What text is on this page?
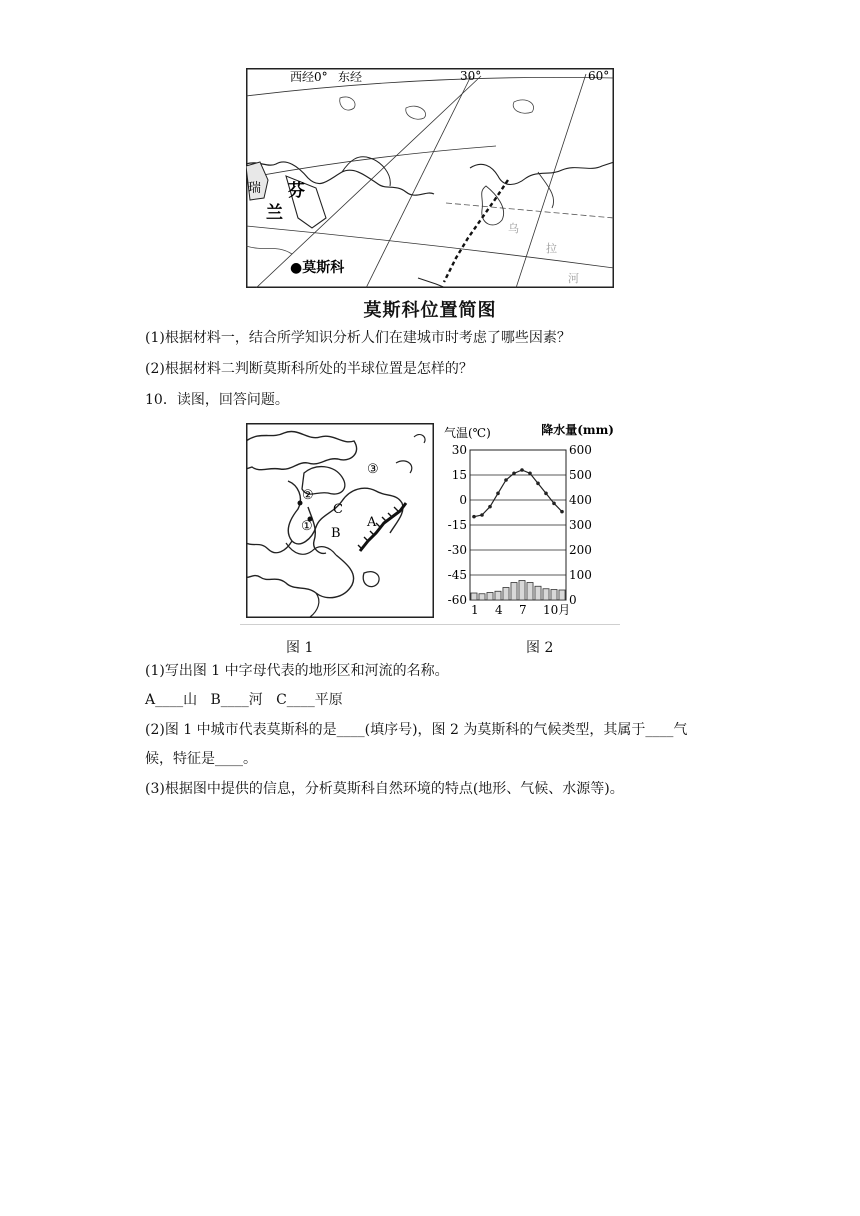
西经0° 东经	30°	60°
瑞 芬
兰
●莫斯科
乌
拉
河
莫斯科位置简图
(1)根据材料一，结合所学知识分析人们在建城市时考虑了哪些因素？
(2)根据材料二判断莫斯科所处的半球位置是怎样的？
10．读图，回答问题。
①
②
③
A
B
C
气温(℃)	降水量(mm)
30
15
0
-15
-30
-45
-60
600
500
400
300
200
100
0
1 4 7 10月
图 1	图 2
(1)写出图 1 中字母代表的地形区和河流的名称。
A____山   B____河   C____平原
(2)图 1 中城市代表莫斯科的是____(填序号)，图 2 为莫斯科的气候类型，其属于____气
候，特征是____。
(3)根据图中提供的信息，分析莫斯科自然环境的特点(地形、气候、水源等)。
